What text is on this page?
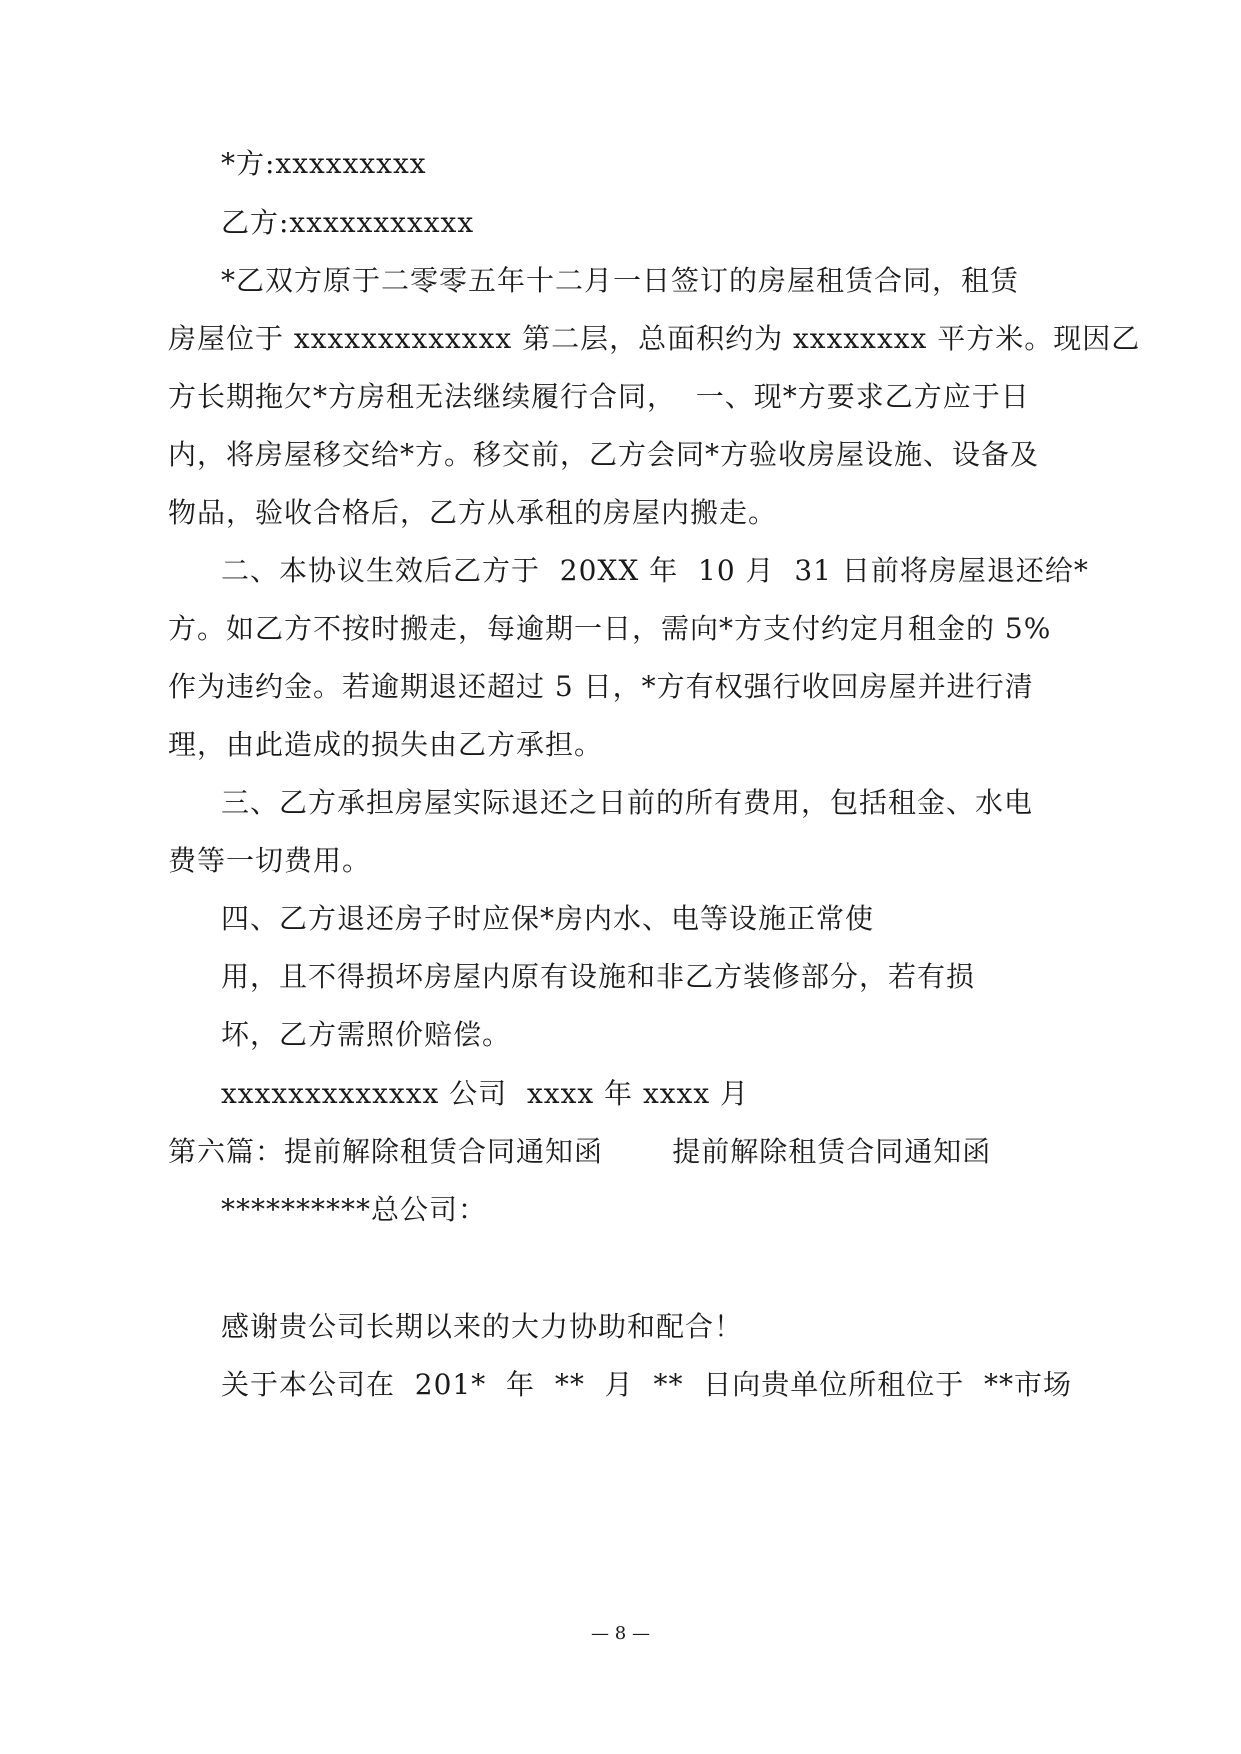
*方:xxxxxxxxx
乙方:xxxxxxxxxxx
*乙双方原于二零零五年十二月一日签订的房屋租赁合同，租赁
房屋位于 xxxxxxxxxxxxx 第二层，总面积约为 xxxxxxxx 平方米。现因乙
方长期拖欠*方房租无法继续履行合同，  一、现*方要求乙方应于日
内，将房屋移交给*方。移交前，乙方会同*方验收房屋设施、设备及
物品，验收合格后，乙方从承租的房屋内搬走。
二、本协议生效后乙方于  20XX 年  10 月  31 日前将房屋退还给*
方。如乙方不按时搬走，每逾期一日，需向*方支付约定月租金的 5%
作为违约金。若逾期退还超过 5 日，*方有权强行收回房屋并进行清
理，由此造成的损失由乙方承担。
三、乙方承担房屋实际退还之日前的所有费用，包括租金、水电
费等一切费用。
四、乙方退还房子时应保*房内水、电等设施正常使
用，且不得损坏房屋内原有设施和非乙方装修部分，若有损
坏，乙方需照价赔偿。
xxxxxxxxxxxxx 公司  xxxx 年 xxxx 月
第六篇：提前解除租赁合同通知函       提前解除租赁合同通知函
**********总公司：
感谢贵公司长期以来的大力协助和配合！
关于本公司在  201*  年  **  月  **  日向贵单位所租位于  **市场
— 8 —
